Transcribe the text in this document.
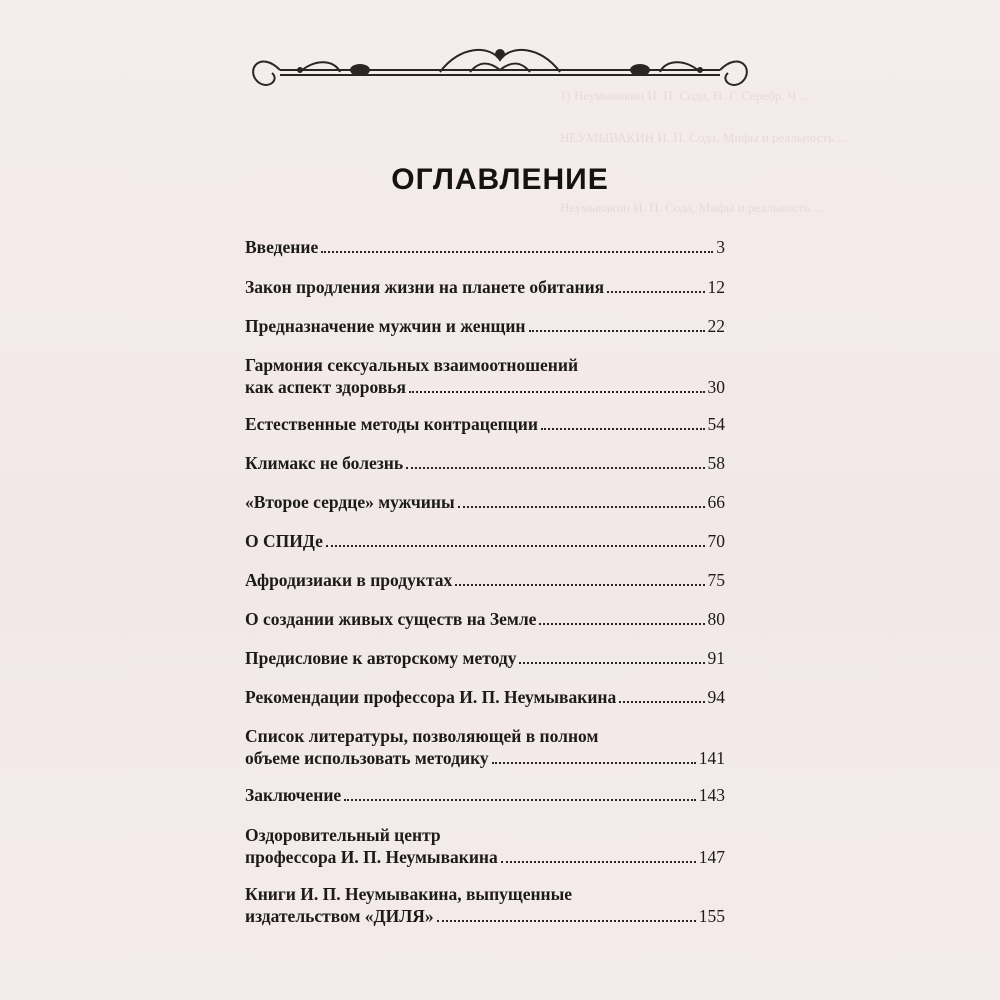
1) Неумывакин И. П. Сода, Н. Г. Серебр. Ч ...
НЕУМЫВАКИН И. П. Сода, Мифы и реальность ...
Неумывакин И. П. Сода, Мифы и реальность ...
ОГЛАВЛЕНИЕ
Введение	3
Закон продления жизни на планете обитания	12
Предназначение мужчин и женщин	22
Гармония сексуальных взаимоотношений
как аспект здоровья	30
Естественные методы контрацепции	54
Климакс не болезнь	58
«Второе сердце» мужчины	66
О СПИДе	70
Афродизиаки в продуктах	75
О создании живых существ на Земле	80
Предисловие к авторскому методу	91
Рекомендации профессора И. П. Неумывакина	94
Список литературы, позволяющей в полном
объеме использовать методику	141
Заключение	143
Оздоровительный центр
профессора И. П. Неумывакина	147
Книги И. П. Неумывакина, выпущенные
издательством «ДИЛЯ»	155
